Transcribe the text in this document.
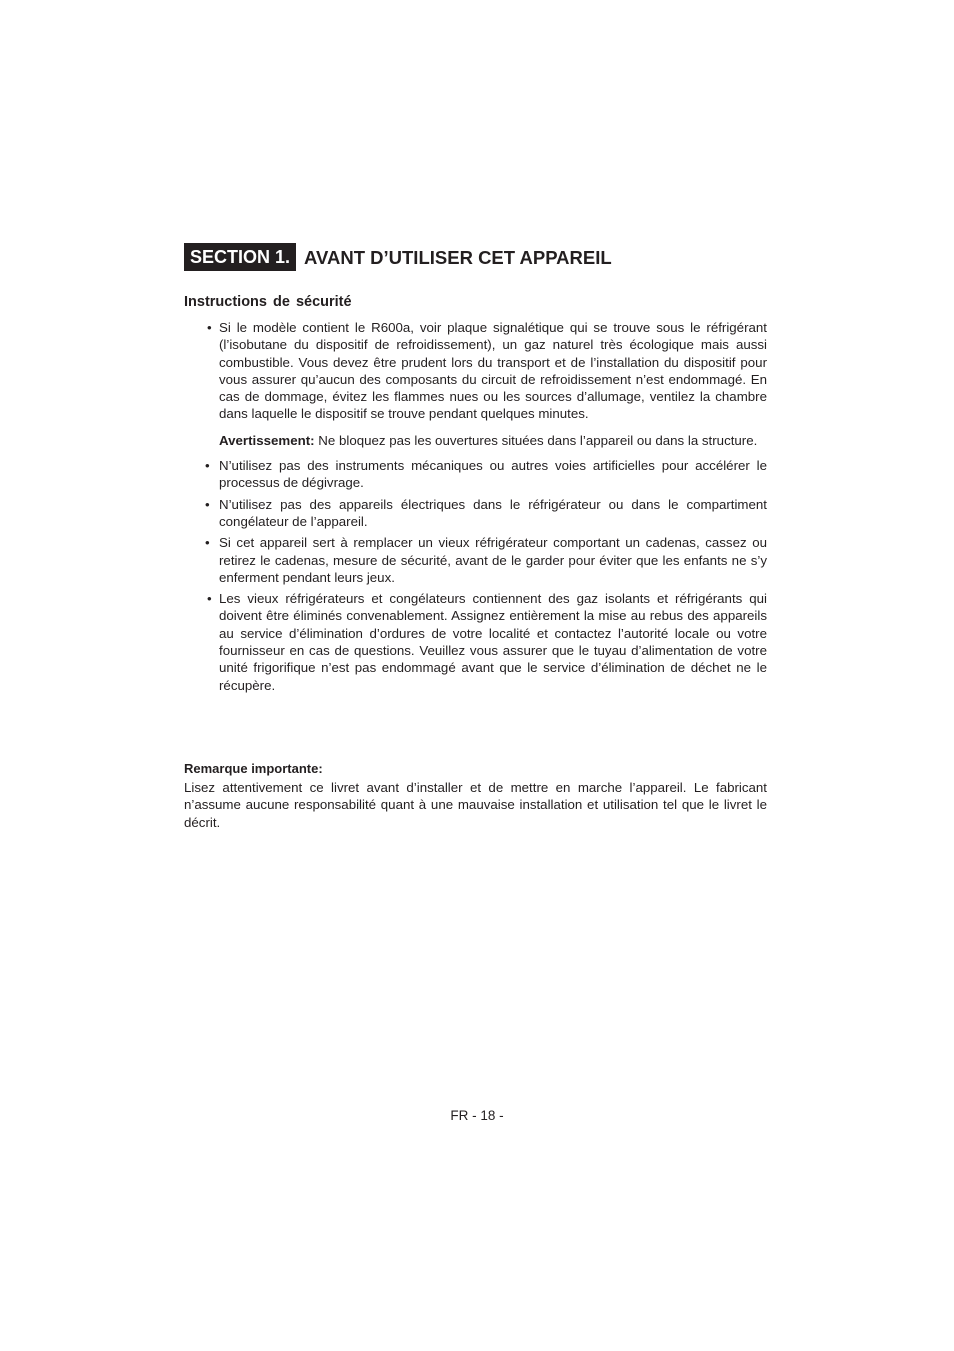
SECTION 1. AVANT D’UTILISER CET APPAREIL
Instructions de sécurité
• Si le modèle contient le R600a, voir plaque signalétique qui se trouve sous le réfrigérant (l’isobutane du dispositif de refroidissement), un gaz naturel très écologique mais aussi combustible. Vous devez être prudent lors du transport et de l’installation du dispositif pour vous assurer qu’aucun des composants du circuit de refroidissement n’est endommagé. En cas de dommage, évitez les flammes nues ou les sources d’allumage, ventilez la chambre dans laquelle le dispositif se trouve pendant quelques minutes.
Avertissement: Ne bloquez pas les ouvertures situées dans l’appareil ou dans la structure.
• N’utilisez pas des instruments mécaniques ou autres voies artificielles pour accélérer le processus de dégivrage.
• N’utilisez pas des appareils électriques dans le réfrigérateur ou dans le compartiment congélateur de l’appareil.
• Si cet appareil sert à remplacer un vieux réfrigérateur comportant un cadenas, cassez ou retirez le cadenas, mesure de sécurité, avant de le garder pour éviter que les enfants ne s’y enferment pendant leurs jeux.
• Les vieux réfrigérateurs et congélateurs contiennent des gaz isolants et réfrigérants qui doivent être éliminés convenablement. Assignez entièrement la mise au rebus des appareils au service d’élimination d’ordures de votre localité et contactez l’autorité locale ou votre fournisseur en cas de questions. Veuillez vous assurer que le tuyau d’alimentation de votre unité frigorifique n’est pas endommagé avant que le service d’élimination de déchet ne le récupère.
Remarque importante:
Lisez attentivement ce livret avant d’installer et de mettre en marche l’appareil. Le fabricant n’assume aucune responsabilité quant à une mauvaise installation et utilisation tel que le livret le décrit.
FR - 18 -
